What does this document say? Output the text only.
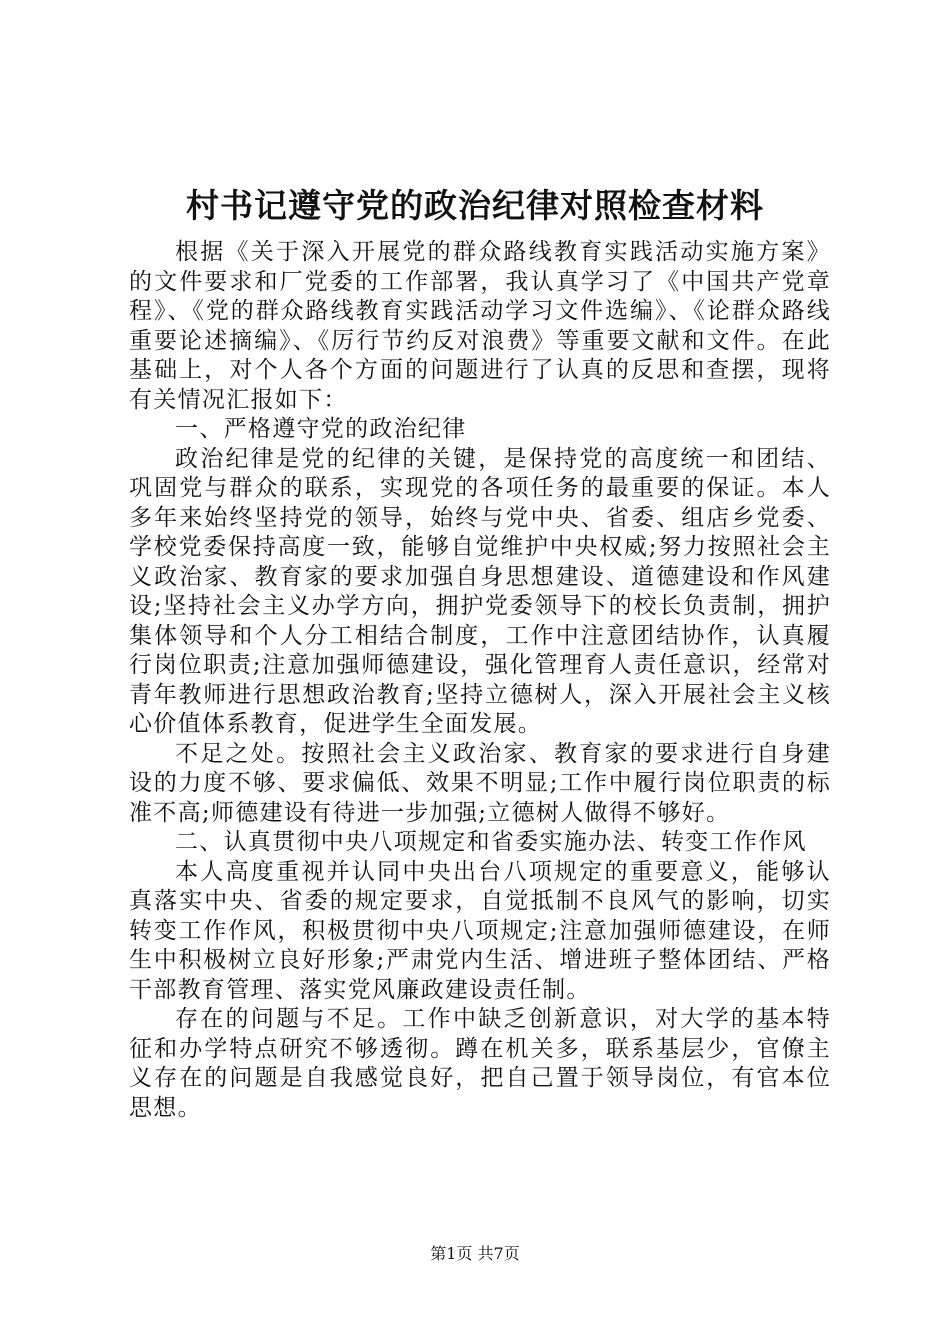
村书记遵守党的政治纪律对照检查材料

根据《关于深入开展党的群众路线教育实践活动实施方案》的文件要求和厂党委的工作部署，我认真学习了《中国共产党章程》、《党的群众路线教育实践活动学习文件选编》、《论群众路线重要论述摘编》、《厉行节约反对浪费》等重要文献和文件。在此基础上，对个人各个方面的问题进行了认真的反思和查摆，现将有关情况汇报如下：

一、严格遵守党的政治纪律

政治纪律是党的纪律的关键，是保持党的高度统一和团结、巩固党与群众的联系，实现党的各项任务的最重要的保证。本人多年来始终坚持党的领导，始终与党中央、省委、组店乡党委、学校党委保持高度一致，能够自觉维护中央权威;努力按照社会主义政治家、教育家的要求加强自身思想建设、道德建设和作风建设;坚持社会主义办学方向，拥护党委领导下的校长负责制，拥护集体领导和个人分工相结合制度，工作中注意团结协作，认真履行岗位职责;注意加强师德建设，强化管理育人责任意识，经常对青年教师进行思想政治教育;坚持立德树人，深入开展社会主义核心价值体系教育，促进学生全面发展。

不足之处。按照社会主义政治家、教育家的要求进行自身建设的力度不够、要求偏低、效果不明显;工作中履行岗位职责的标准不高;师德建设有待进一步加强;立德树人做得不够好。

二、认真贯彻中央八项规定和省委实施办法、转变工作作风

本人高度重视并认同中央出台八项规定的重要意义，能够认真落实中央、省委的规定要求，自觉抵制不良风气的影响，切实转变工作作风，积极贯彻中央八项规定;注意加强师德建设，在师生中积极树立良好形象;严肃党内生活、增进班子整体团结、严格干部教育管理、落实党风廉政建设责任制。

存在的问题与不足。工作中缺乏创新意识，对大学的基本特征和办学特点研究不够透彻。蹲在机关多，联系基层少，官僚主义存在的问题是自我感觉良好，把自己置于领导岗位，有官本位思想。

第1页 共7页
